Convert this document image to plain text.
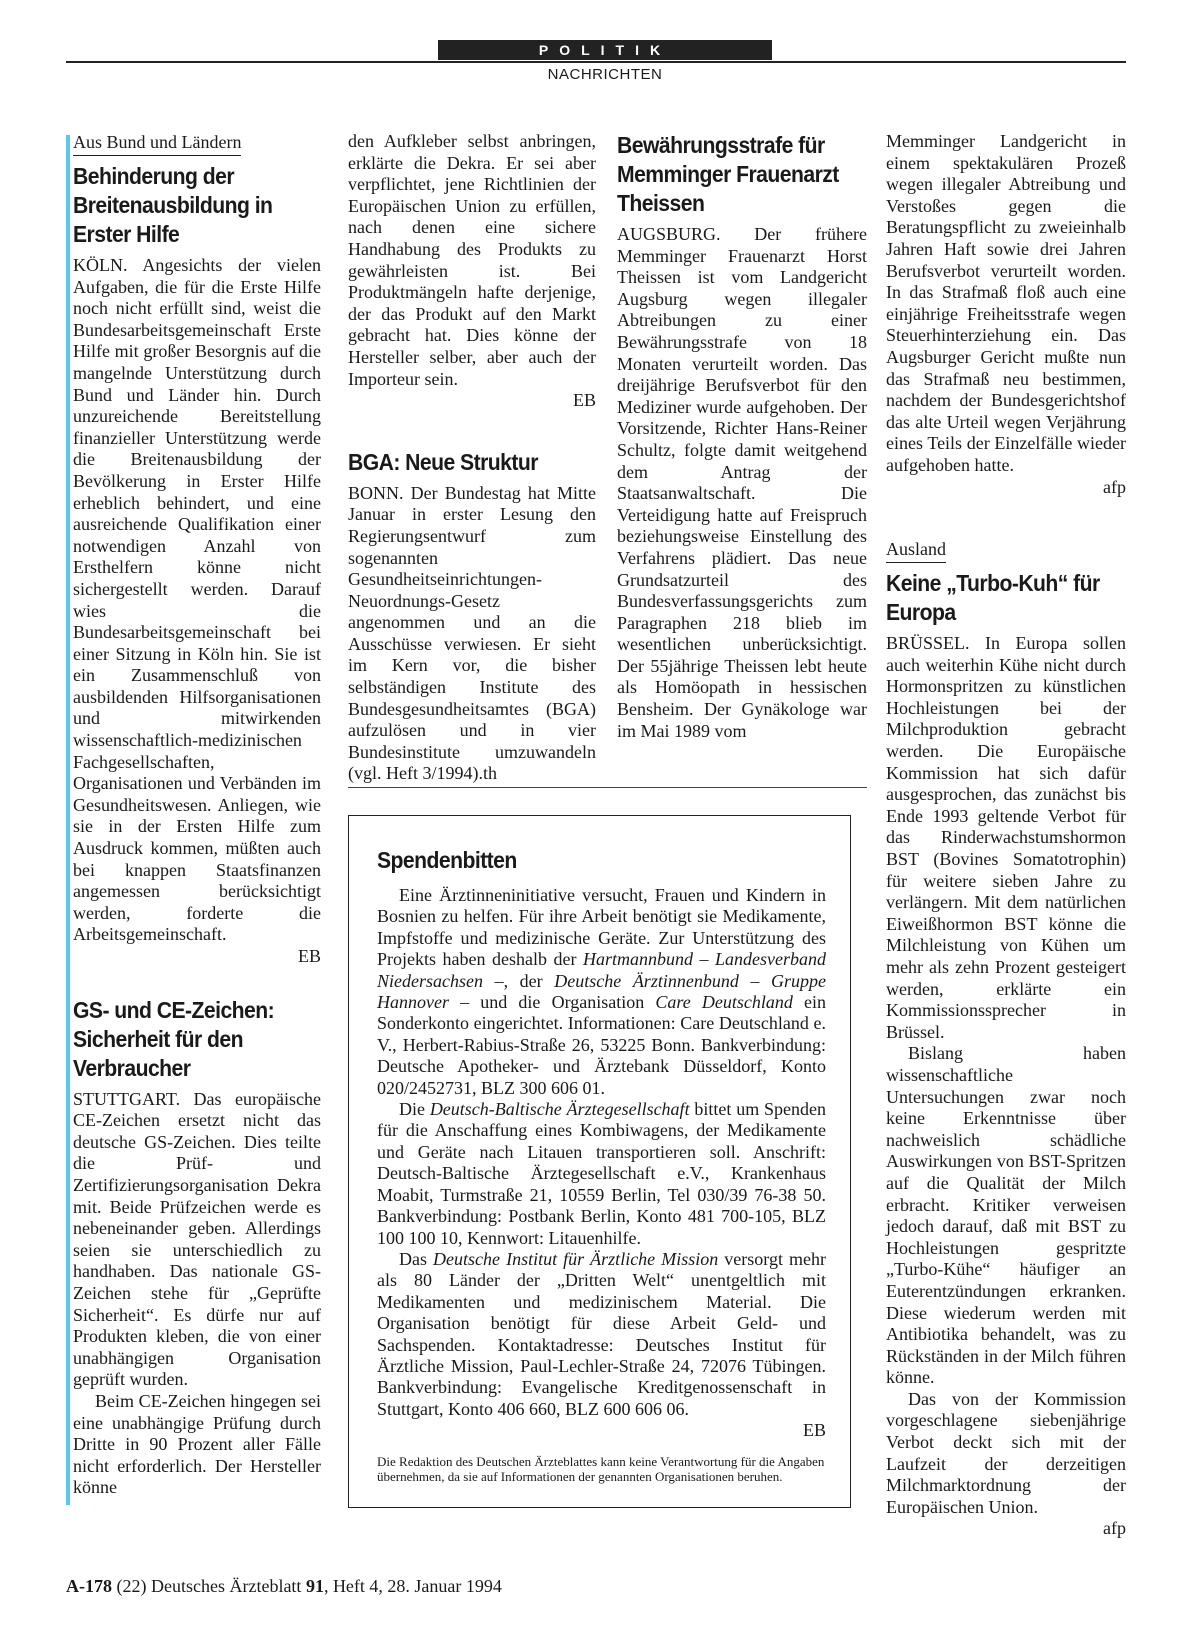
POLITIK
NACHRICHTEN
Aus Bund und Ländern
Behinderung der Breitenausbildung in Erster Hilfe

KÖLN. Angesichts der vielen Aufgaben, die für die Erste Hilfe noch nicht erfüllt sind, weist die Bundesarbeitsgemeinschaft Erste Hilfe mit großer Besorgnis auf die mangelnde Unterstützung durch Bund und Länder hin. Durch unzureichende Bereitstellung finanzieller Unterstützung werde die Breitenausbildung der Bevölkerung in Erster Hilfe erheblich behindert, und eine ausreichende Qualifikation einer notwendigen Anzahl von Ersthelfern könne nicht sichergestellt werden. Darauf wies die Bundesarbeitsgemeinschaft bei einer Sitzung in Köln hin. Sie ist ein Zusammenschluß von ausbildenden Hilfsorganisationen und mitwirkenden wissenschaftlich-medizinischen Fachgesellschaften, Organisationen und Verbänden im Gesundheitswesen. Anliegen, wie sie in der Ersten Hilfe zum Ausdruck kommen, müßten auch bei knappen Staatsfinanzen angemessen berücksichtigt werden, forderte die Arbeitsgemeinschaft.
EB

GS- und CE-Zeichen: Sicherheit für den Verbraucher

STUTTGART. Das europäische CE-Zeichen ersetzt nicht das deutsche GS-Zeichen. Dies teilte die Prüf- und Zertifizierungsorganisation Dekra mit. Beide Prüfzeichen werde es nebeneinander geben. Allerdings seien sie unterschiedlich zu handhaben. Das nationale GS-Zeichen stehe für „Geprüfte Sicherheit“. Es dürfe nur auf Produkten kleben, die von einer unabhängigen Organisation geprüft wurden.

Beim CE-Zeichen hingegen sei eine unabhängige Prüfung durch Dritte in 90 Prozent aller Fälle nicht erforderlich. Der Hersteller könne

den Aufkleber selbst anbringen, erklärte die Dekra. Er sei aber verpflichtet, jene Richtlinien der Europäischen Union zu erfüllen, nach denen eine sichere Handhabung des Produkts zu gewährleisten ist. Bei Produktmängeln hafte derjenige, der das Produkt auf den Markt gebracht hat. Dies könne der Hersteller selber, aber auch der Importeur sein.
EB

BGA: Neue Struktur

BONN. Der Bundestag hat Mitte Januar in erster Lesung den Regierungsentwurf zum sogenannten Gesundheitseinrichtungen-Neuordnungs-Gesetz angenommen und an die Ausschüsse verwiesen. Er sieht im Kern vor, die bisher selbständigen Institute des Bundesgesundheitsamtes (BGA) aufzulösen und in vier Bundesinstitute umzuwandeln (vgl. Heft 3/1994).th

Bewährungsstrafe für Memminger Frauenarzt Theissen

AUGSBURG. Der frühere Memminger Frauenarzt Horst Theissen ist vom Landgericht Augsburg wegen illegaler Abtreibungen zu einer Bewährungsstrafe von 18 Monaten verurteilt worden. Das dreijährige Berufsverbot für den Mediziner wurde aufgehoben. Der Vorsitzende, Richter Hans-Reiner Schultz, folgte damit weitgehend dem Antrag der Staatsanwaltschaft. Die Verteidigung hatte auf Freispruch beziehungsweise Einstellung des Verfahrens plädiert. Das neue Grundsatzurteil des Bundesverfassungsgerichts zum Paragraphen 218 blieb im wesentlichen unberücksichtigt. Der 55jährige Theissen lebt heute als Homöopath in hessischen Bensheim. Der Gynäkologe war im Mai 1989 vom

Memminger Landgericht in einem spektakulären Prozeß wegen illegaler Abtreibung und Verstoßes gegen die Beratungspflicht zu zweieinhalb Jahren Haft sowie drei Jahren Berufsverbot verurteilt worden. In das Strafmaß floß auch eine einjährige Freiheitsstrafe wegen Steuerhinterziehung ein. Das Augsburger Gericht mußte nun das Strafmaß neu bestimmen, nachdem der Bundesgerichtshof das alte Urteil wegen Verjährung eines Teils der Einzelfälle wieder aufgehoben hatte.
afp

Ausland
Keine „Turbo-Kuh“ für Europa

BRÜSSEL. In Europa sollen auch weiterhin Kühe nicht durch Hormonspritzen zu künstlichen Hochleistungen bei der Milchproduktion gebracht werden. Die Europäische Kommission hat sich dafür ausgesprochen, das zunächst bis Ende 1993 geltende Verbot für das Rinderwachstumshormon BST (Bovines Somatotrophin) für weitere sieben Jahre zu verlängern. Mit dem natürlichen Eiweißhormon BST könne die Milchleistung von Kühen um mehr als zehn Prozent gesteigert werden, erklärte ein Kommissionssprecher in Brüssel.

Bislang haben wissenschaftliche Untersuchungen zwar noch keine Erkenntnisse über nachweislich schädliche Auswirkungen von BST-Spritzen auf die Qualität der Milch erbracht. Kritiker verweisen jedoch darauf, daß mit BST zu Hochleistungen gespritzte „Turbo-Kühe“ häufiger an Euterentzündungen erkranken. Diese wiederum werden mit Antibiotika behandelt, was zu Rückständen in der Milch führen könne.

Das von der Kommission vorgeschlagene siebenjährige Verbot deckt sich mit der Laufzeit der derzeitigen Milchmarktordnung der Europäischen Union.
afp

Spendenbitten

Eine Ärztinneninitiative versucht, Frauen und Kindern in Bosnien zu helfen. Für ihre Arbeit benötigt sie Medikamente, Impfstoffe und medizinische Geräte. Zur Unterstützung des Projekts haben deshalb der Hartmannbund – Landesverband Niedersachsen –, der Deutsche Ärztinnenbund – Gruppe Hannover – und die Organisation Care Deutschland ein Sonderkonto eingerichtet. Informationen: Care Deutschland e. V., Herbert-Rabius-Straße 26, 53225 Bonn. Bankverbindung: Deutsche Apotheker- und Ärztebank Düsseldorf, Konto 020/2452731, BLZ 300 606 01.

Die Deutsch-Baltische Ärztegesellschaft bittet um Spenden für die Anschaffung eines Kombiwagens, der Medikamente und Geräte nach Litauen transportieren soll. Anschrift: Deutsch-Baltische Ärztegesellschaft e.V., Krankenhaus Moabit, Turmstraße 21, 10559 Berlin, Tel 030/39 76-38 50. Bankverbindung: Postbank Berlin, Konto 481 700-105, BLZ 100 100 10, Kennwort: Litauenhilfe.

Das Deutsche Institut für Ärztliche Mission versorgt mehr als 80 Länder der „Dritten Welt“ unentgeltlich mit Medikamenten und medizinischem Material. Die Organisation benötigt für diese Arbeit Geld- und Sachspenden. Kontaktadresse: Deutsches Institut für Ärztliche Mission, Paul-Lechler-Straße 24, 72076 Tübingen. Bankverbindung: Evangelische Kreditgenossenschaft in Stuttgart, Konto 406 660, BLZ 600 606 06.
EB

Die Redaktion des Deutschen Ärzteblattes kann keine Verantwortung für die Angaben übernehmen, da sie auf Informationen der genannten Organisationen beruhen.

A-178 (22) Deutsches Ärzteblatt 91, Heft 4, 28. Januar 1994
